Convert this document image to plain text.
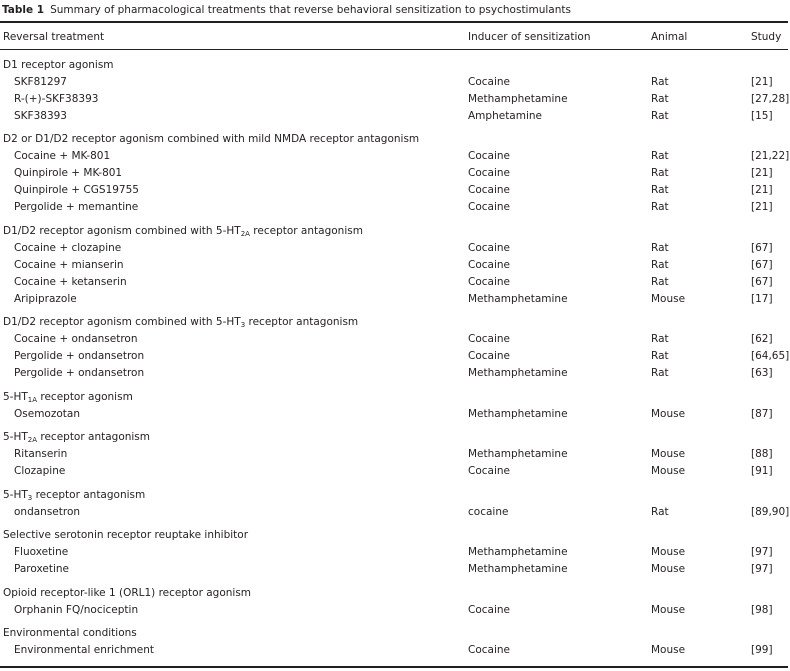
Table 1 Summary of pharmacological treatments that reverse behavioral sensitization to psychostimulants
Reversal treatment	Inducer of sensitization	Animal	Study
D1 receptor agonism
SKF81297	Cocaine	Rat	[21]
R-(+)-SKF38393	Methamphetamine	Rat	[27,28]
SKF38393	Amphetamine	Rat	[15]
D2 or D1/D2 receptor agonism combined with mild NMDA receptor antagonism
Cocaine + MK-801	Cocaine	Rat	[21,22]
Quinpirole + MK-801	Cocaine	Rat	[21]
Quinpirole + CGS19755	Cocaine	Rat	[21]
Pergolide + memantine	Cocaine	Rat	[21]
D1/D2 receptor agonism combined with $5-HT_{2A}$ receptor antagonism
Cocaine + clozapine	Cocaine	Rat	[67]
Cocaine + mianserin	Cocaine	Rat	[67]
Cocaine + ketanserin	Cocaine	Rat	[67]
Aripiprazole	Methamphetamine	Mouse	[17]
D1/D2 receptor agonism combined with $5-HT_3$ receptor antagonism
Cocaine + ondansetron	Cocaine	Rat	[62]
Pergolide + ondansetron	Cocaine	Rat	[64,65]
Pergolide + ondansetron	Methamphetamine	Rat	[63]
$5-HT_{1A}$ receptor agonism
Osemozotan	Methamphetamine	Mouse	[87]
$5-HT_{2A}$ receptor antagonism
Ritanserin	Methamphetamine	Mouse	[88]
Clozapine	Cocaine	Mouse	[91]
$5-HT_3$ receptor antagonism
ondansetron	cocaine	Rat	[89,90]
Selective serotonin receptor reuptake inhibitor
Fluoxetine	Methamphetamine	Mouse	[97]
Paroxetine	Methamphetamine	Mouse	[97]
Opioid receptor-like 1 (ORL1) receptor agonism
Orphanin FQ/nociceptin	Cocaine	Mouse	[98]
Environmental conditions
Environmental enrichment	Cocaine	Mouse	[99]
